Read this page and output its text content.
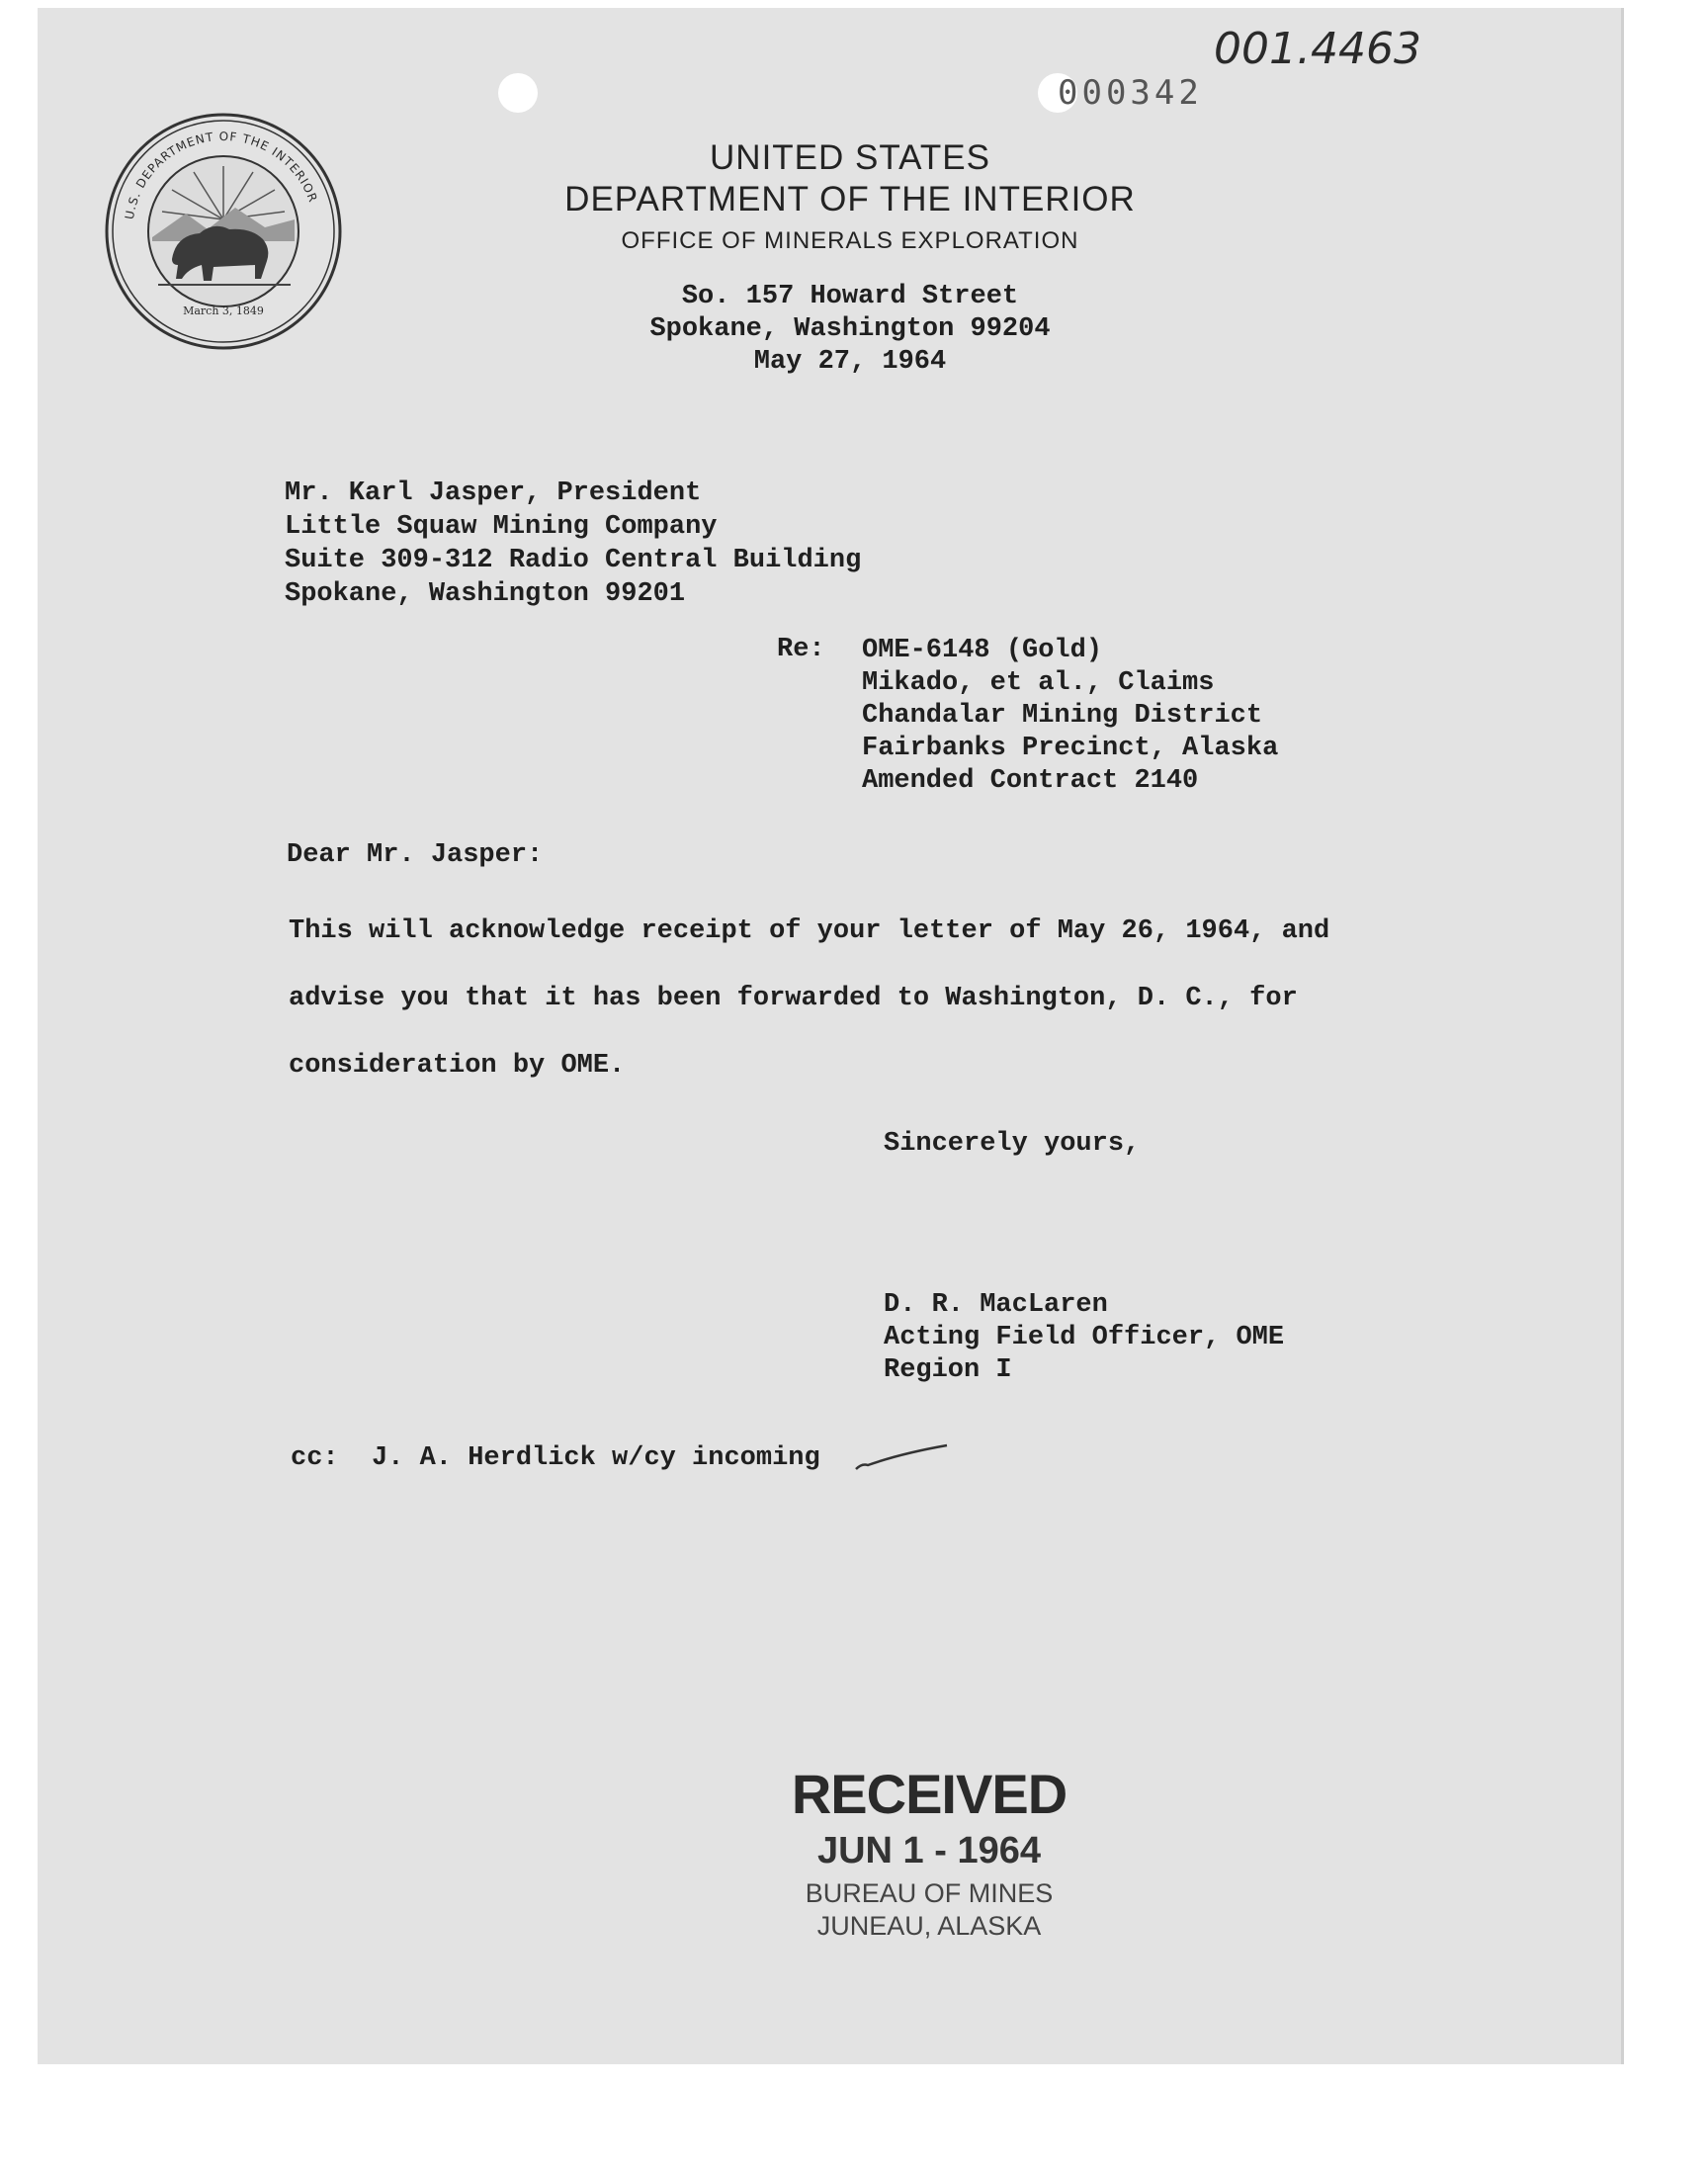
001.4463
000342
U.S. DEPARTMENT OF THE INTERIOR
March 3, 1849
UNITED STATES
DEPARTMENT OF THE INTERIOR
OFFICE OF MINERALS EXPLORATION
So. 157 Howard Street
Spokane, Washington 99204
May 27, 1964
Mr. Karl Jasper, President
Little Squaw Mining Company
Suite 309-312 Radio Central Building
Spokane, Washington 99201
Re: OME-6148 (Gold)
Mikado, et al., Claims
Chandalar Mining District
Fairbanks Precinct, Alaska
Amended Contract 2140
Dear Mr. Jasper:
This will acknowledge receipt of your letter of May 26, 1964, and
advise you that it has been forwarded to Washington, D. C., for
consideration by OME.
Sincerely yours,
D. R. MacLaren
Acting Field Officer, OME
Region I
cc: J. A. Herdlick w/cy incoming
RECEIVED
JUN 1 - 1964
BUREAU OF MINES
JUNEAU, ALASKA
